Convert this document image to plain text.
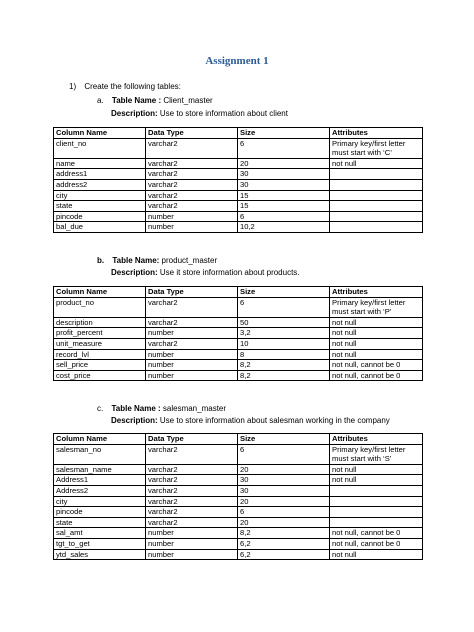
Assignment 1
1) Create the following tables:
a. Table Name : Client_master
Description: Use to store information about client
Column Name	Data Type	Size	Attributes
client_no	varchar2	6	Primary key/first letter must start with ‘C’
name	varchar2	20	not null
address1	varchar2	30	
address2	varchar2	30	
city	varchar2	15	
state	varchar2	15	
pincode	number	6	
bal_due	number	10,2	
b. Table Name: product_master
Description: Use it store information about products.
Column Name	Data Type	Size	Attributes
product_no	varchar2	6	Primary key/first letter must start with ‘P’
description	varchar2	50	not null
profit_percent	number	3,2	not null
unit_measure	varchar2	10	not null
record_lvl	number	8	not null
sell_price	number	8,2	not null, cannot be 0
cost_price	number	8,2	not null, cannot be 0
c. Table Name : salesman_master
Description: Use to store information about salesman working in the company
Column Name	Data Type	Size	Attributes
salesman_no	varchar2	6	Primary key/first letter must start with ‘S’
salesman_name	varchar2	20	not null
Address1	varchar2	30	not null
Address2	varchar2	30	
city	varchar2	20	
pincode	varchar2	6	
state	varchar2	20	
sal_amt	number	8,2	not null, cannot be 0
tgt_to_get	number	6,2	not null, cannot be 0
ytd_sales	number	6,2	not null
